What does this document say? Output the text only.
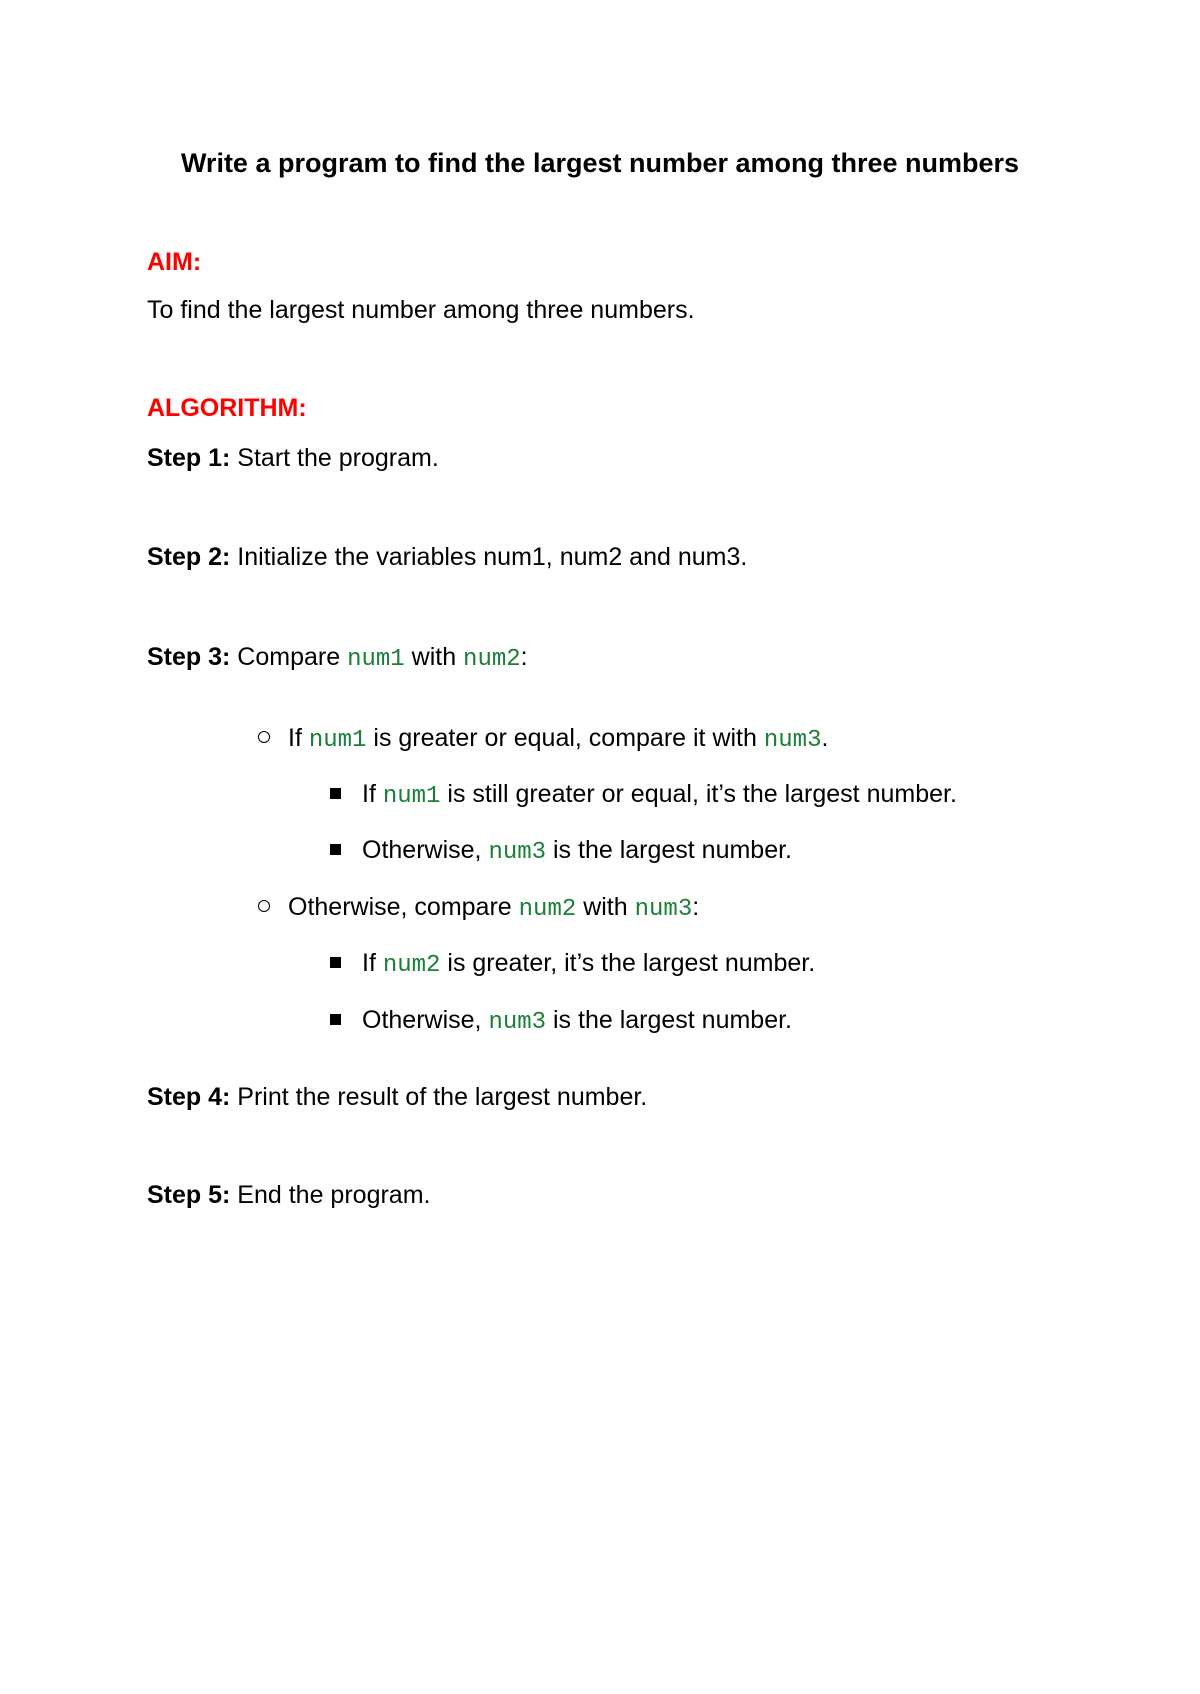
Write a program to find the largest number among three numbers
AIM:
To find the largest number among three numbers.
ALGORITHM:
Step 1: Start the program.
Step 2: Initialize the variables num1, num2 and num3.
Step 3: Compare num1 with num2:
If num1 is greater or equal, compare it with num3.
If num1 is still greater or equal, it’s the largest number.
Otherwise, num3 is the largest number.
Otherwise, compare num2 with num3:
If num2 is greater, it’s the largest number.
Otherwise, num3 is the largest number.
Step 4: Print the result of the largest number.
Step 5: End the program.
